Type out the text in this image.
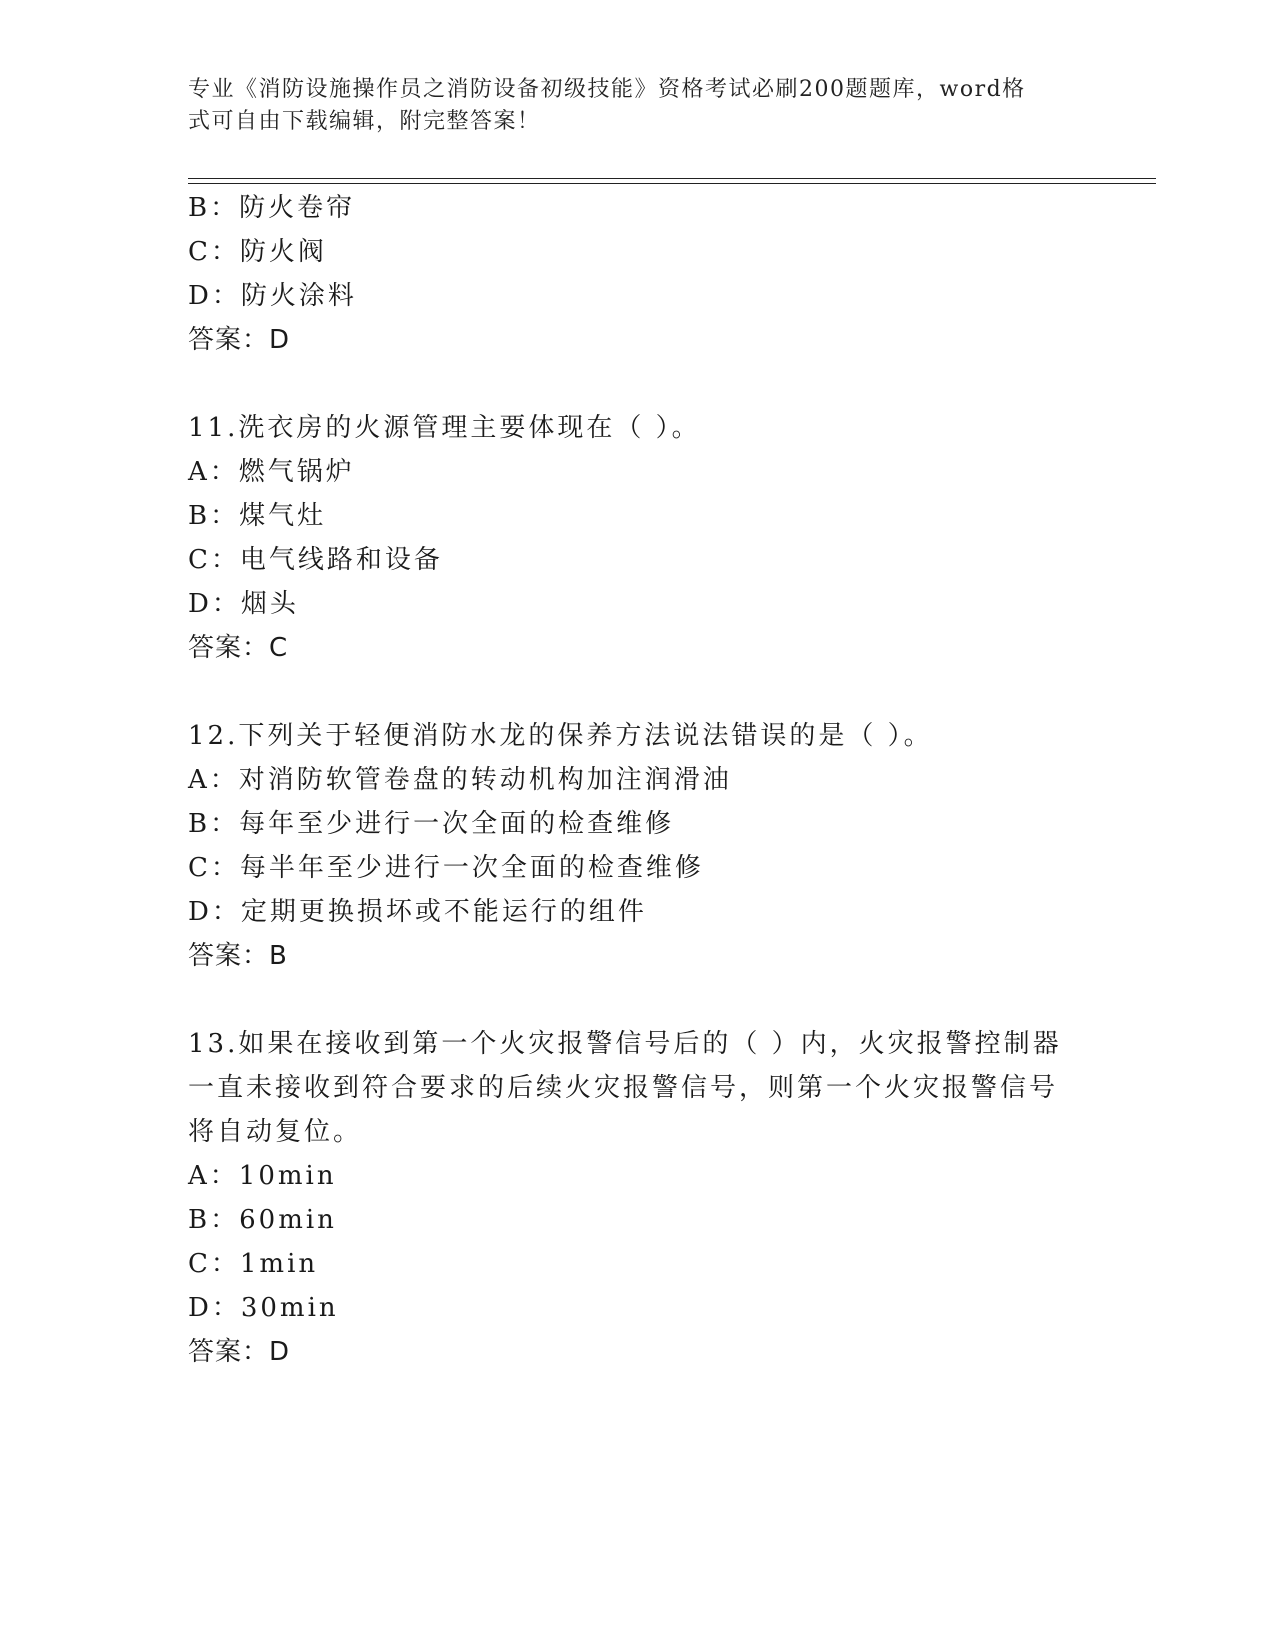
专业《消防设施操作员之消防设备初级技能》资格考试必刷200题题库，word格
式可自由下载编辑，附完整答案！
B：防火卷帘
C：防火阀
D：防火涂料
答案：D
11.洗衣房的火源管理主要体现在（ ）。
A：燃气锅炉
B：煤气灶
C：电气线路和设备
D：烟头
答案：C
12.下列关于轻便消防水龙的保养方法说法错误的是（ ）。
A：对消防软管卷盘的转动机构加注润滑油
B：每年至少进行一次全面的检查维修
C：每半年至少进行一次全面的检查维修
D：定期更换损坏或不能运行的组件
答案：B
13.如果在接收到第一个火灾报警信号后的（ ）内，火灾报警控制器
一直未接收到符合要求的后续火灾报警信号，则第一个火灾报警信号
将自动复位。
A：10min
B：60min
C：1min
D：30min
答案：D
